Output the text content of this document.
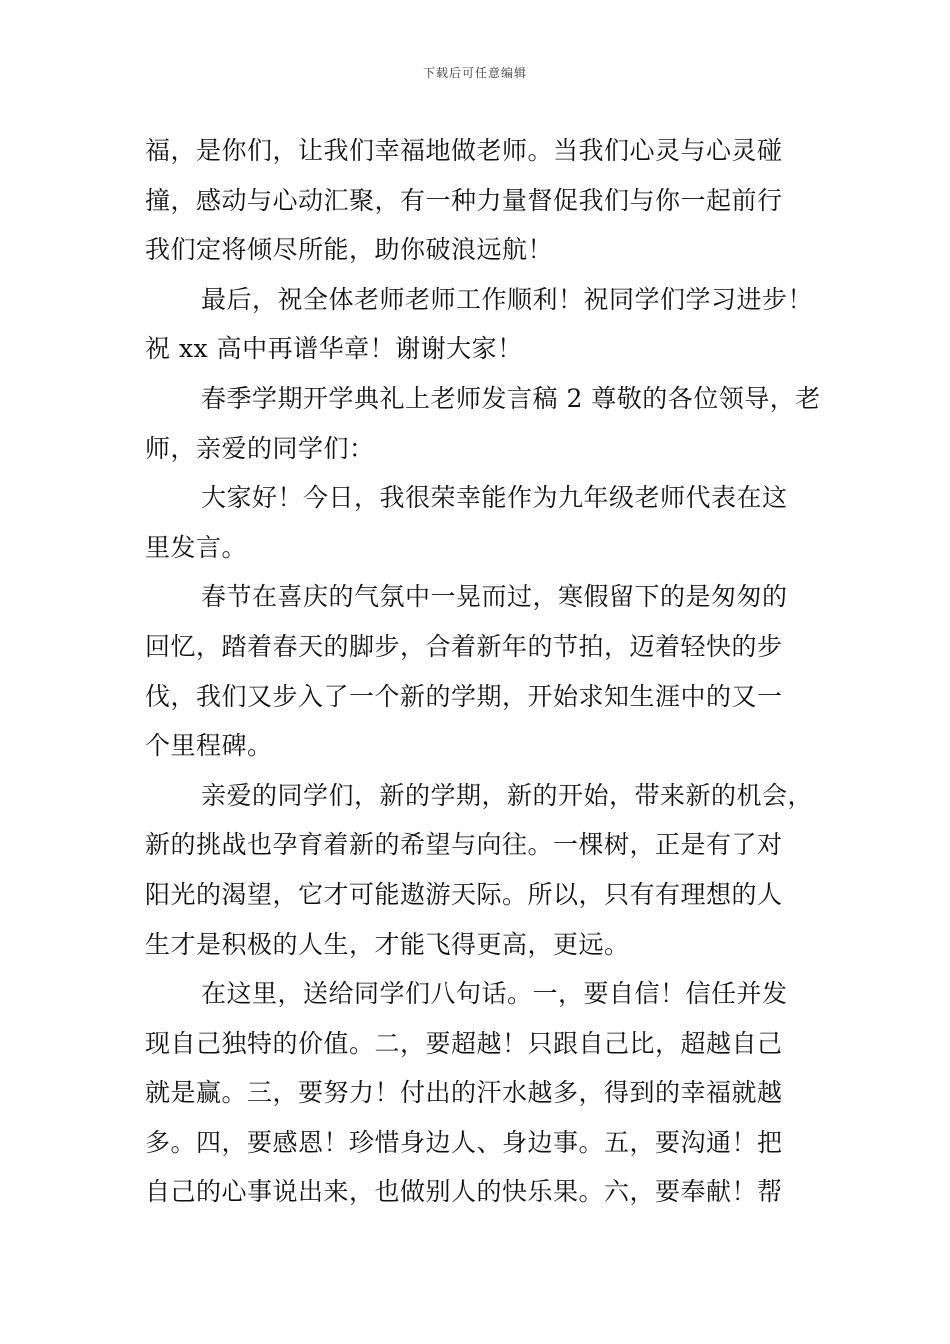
下载后可任意编辑
福，是你们，让我们幸福地做老师。当我们心灵与心灵碰
撞，感动与心动汇聚，有一种力量督促我们与你一起前行
我们定将倾尽所能，助你破浪远航！
最后，祝全体老师老师工作顺利！祝同学们学习进步！
祝 xx 高中再谱华章！谢谢大家！
春季学期开学典礼上老师发言稿 2 尊敬的各位领导，老
师，亲爱的同学们：
大家好！今日，我很荣幸能作为九年级老师代表在这
里发言。
春节在喜庆的气氛中一晃而过，寒假留下的是匆匆的
回忆，踏着春天的脚步，合着新年的节拍，迈着轻快的步
伐，我们又步入了一个新的学期，开始求知生涯中的又一
个里程碑。
亲爱的同学们，新的学期，新的开始，带来新的机会，
新的挑战也孕育着新的希望与向往。一棵树，正是有了对
阳光的渴望，它才可能遨游天际。所以，只有有理想的人
生才是积极的人生，才能飞得更高，更远。
在这里，送给同学们八句话。一，要自信！信任并发
现自己独特的价值。二，要超越！只跟自己比，超越自己
就是赢。三，要努力！付出的汗水越多，得到的幸福就越
多。四，要感恩！珍惜身边人、身边事。五，要沟通！把
自己的心事说出来，也做别人的快乐果。六，要奉献！帮
